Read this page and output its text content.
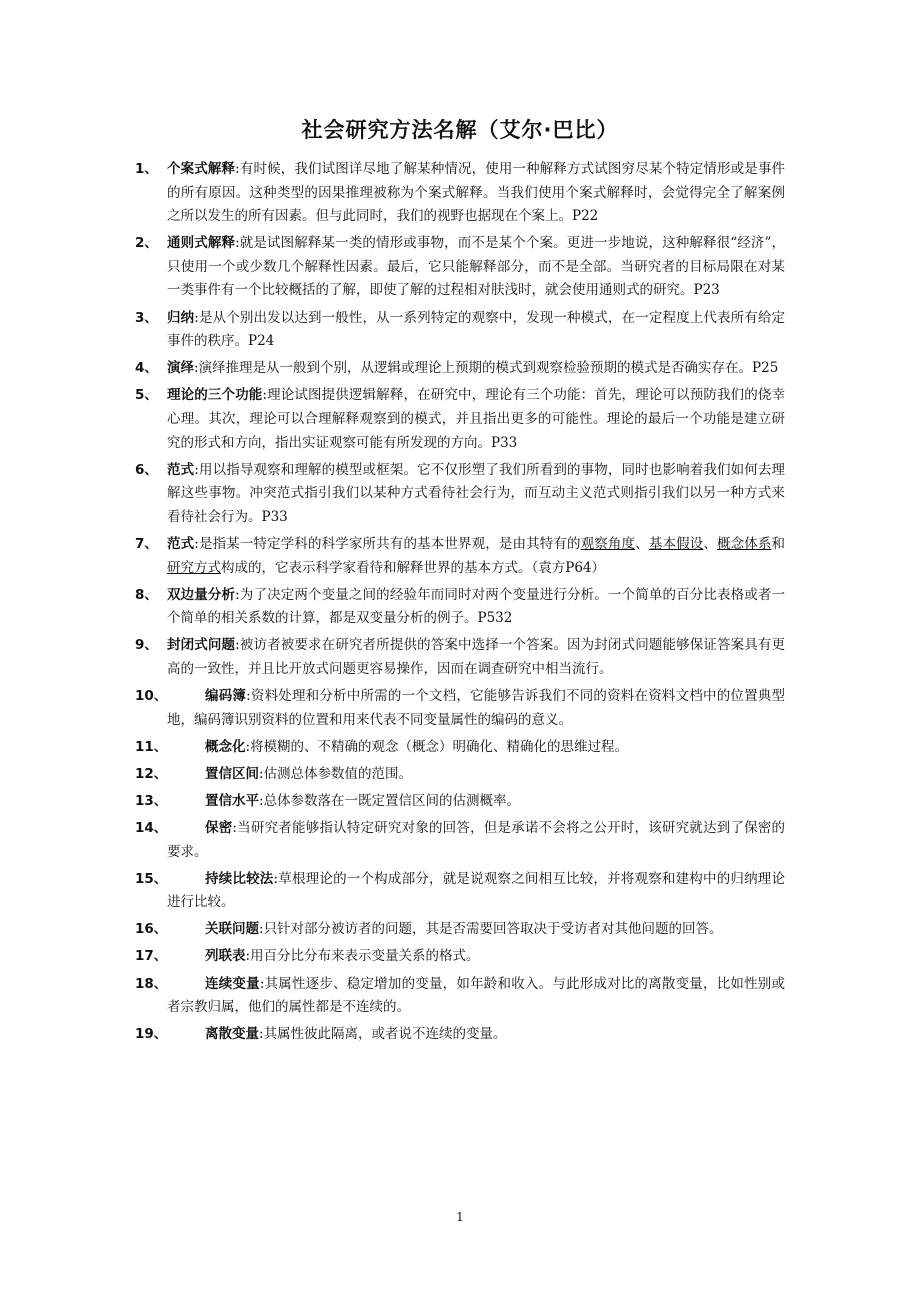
社会研究方法名解（艾尔·巴比）
1、 个案式解释:有时候，我们试图详尽地了解某种情况，使用一种解释方式试图穷尽某个特定情形或是事件的所有原因。这种类型的因果推理被称为个案式解释。当我们使用个案式解释时，会觉得完全了解案例之所以发生的所有因素。但与此同时，我们的视野也据现在个案上。P22
2、 通则式解释:就是试图解释某一类的情形或事物，而不是某个个案。更进一步地说，这种解释很“经济”，只使用一个或少数几个解释性因素。最后，它只能解释部分，而不是全部。当研究者的目标局限在对某一类事件有一个比较概括的了解，即使了解的过程相对肤浅时，就会使用通则式的研究。P23
3、 归纳:是从个别出发以达到一般性，从一系列特定的观察中，发现一种模式，在一定程度上代表所有给定事件的秩序。P24
4、 演绎:演绎推理是从一般到个别，从逻辑或理论上预期的模式到观察检验预期的模式是否确实存在。P25
5、 理论的三个功能:理论试图提供逻辑解释，在研究中，理论有三个功能：首先，理论可以预防我们的侥幸心理。其次，理论可以合理解释观察到的模式，并且指出更多的可能性。理论的最后一个功能是建立研究的形式和方向，指出实证观察可能有所发现的方向。P33
6、 范式:用以指导观察和理解的模型或框架。它不仅形塑了我们所看到的事物，同时也影响着我们如何去理解这些事物。冲突范式指引我们以某种方式看待社会行为，而互动主义范式则指引我们以另一种方式来看待社会行为。P33
7、 范式:是指某一特定学科的科学家所共有的基本世界观，是由其特有的观察角度、基本假设、概念体系和研究方式构成的，它表示科学家看待和解释世界的基本方式。（袁方P64）
8、 双边量分析:为了决定两个变量之间的经验年而同时对两个变量进行分析。一个简单的百分比表格或者一个简单的相关系数的计算，都是双变量分析的例子。P532
9、 封闭式问题:被访者被要求在研究者所提供的答案中选择一个答案。因为封闭式问题能够保证答案具有更高的一致性，并且比开放式问题更容易操作，因而在调查研究中相当流行。
10、	编码簿:资料处理和分析中所需的一个文档，它能够告诉我们不同的资料在资料文档中的位置典型地，编码簿识别资料的位置和用来代表不同变量属性的编码的意义。
11、	概念化:将模糊的、不精确的观念（概念）明确化、精确化的思维过程。
12、	置信区间:估测总体参数值的范围。
13、	置信水平:总体参数落在一既定置信区间的估测概率。
14、	保密:当研究者能够指认特定研究对象的回答，但是承诺不会将之公开时，该研究就达到了保密的要求。
15、	持续比较法:草根理论的一个构成部分，就是说观察之间相互比较，并将观察和建构中的归纳理论进行比较。
16、	关联问题:只针对部分被访者的问题，其是否需要回答取决于受访者对其他问题的回答。
17、	列联表:用百分比分布来表示变量关系的格式。
18、	连续变量:其属性逐步、稳定增加的变量，如年龄和收入。与此形成对比的离散变量，比如性别或者宗教归属，他们的属性都是不连续的。
19、	离散变量:其属性彼此隔离，或者说不连续的变量。
1
